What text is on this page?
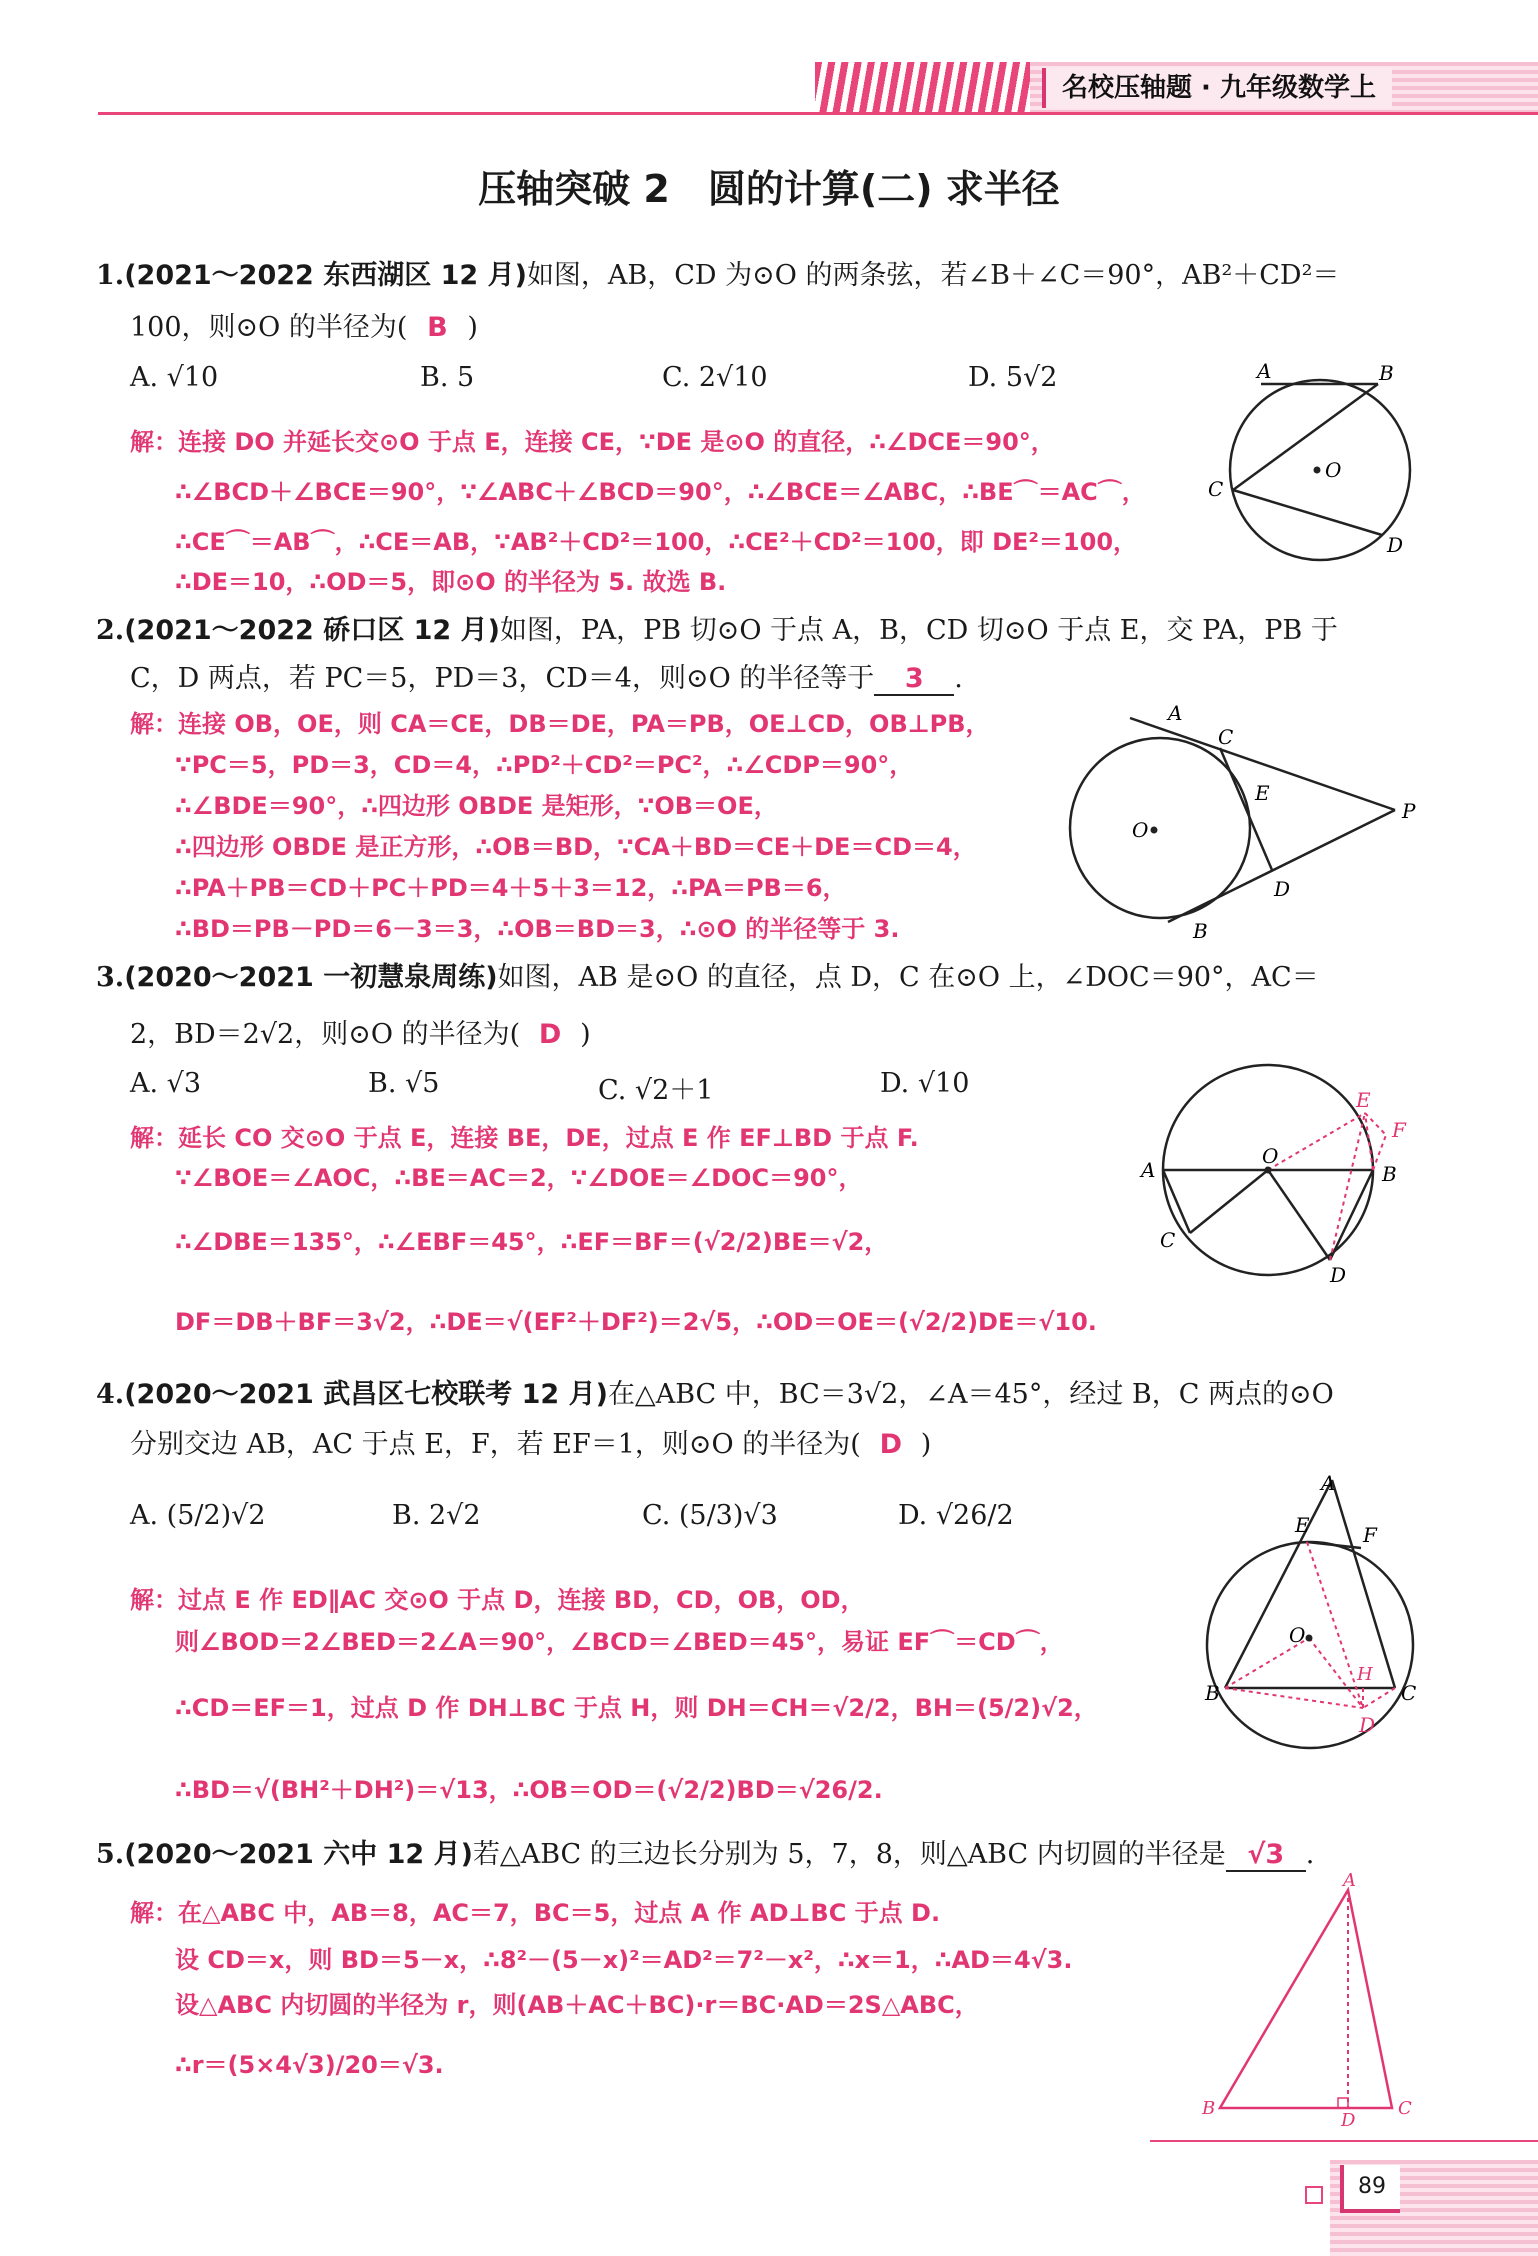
名校压轴题 · 九年级数学上
压轴突破 2　圆的计算(二) 求半径
1.(2021～2022 东西湖区 12 月)如图，AB，CD 为⊙O 的两条弦，若∠B＋∠C＝90°，AB²＋CD²＝
100，则⊙O 的半径为( B )
A. √10	B. 5	C. 2√10	D. 5√2
解：连接 DO 并延长交⊙O 于点 E，连接 CE，∵DE 是⊙O 的直径，∴∠DCE＝90°，
∴∠BCD＋∠BCE＝90°，∵∠ABC＋∠BCD＝90°，∴∠BCE＝∠ABC，∴BE⌒＝AC⌒，
∴CE⌒＝AB⌒，∴CE＝AB，∵AB²＋CD²＝100，∴CE²＋CD²＝100，即 DE²＝100，
∴DE＝10，∴OD＝5，即⊙O 的半径为 5. 故选 B.
A	B
C
O
D
2.(2021～2022 硚口区 12 月)如图，PA，PB 切⊙O 于点 A，B，CD 切⊙O 于点 E，交 PA，PB 于
C，D 两点，若 PC＝5，PD＝3，CD＝4，则⊙O 的半径等于 3 .
解：连接 OB，OE，则 CA＝CE，DB＝DE，PA＝PB，OE⊥CD，OB⊥PB，
∵PC＝5，PD＝3，CD＝4，∴PD²＋CD²＝PC²，∴∠CDP＝90°，
∴∠BDE＝90°，∴四边形 OBDE 是矩形，∵OB＝OE，
∴四边形 OBDE 是正方形，∴OB＝BD，∵CA＋BD＝CE＋DE＝CD＝4，
∴PA＋PB＝CD＋PC＋PD＝4＋5＋3＝12，∴PA＝PB＝6，
∴BD＝PB－PD＝6－3＝3，∴OB＝BD＝3，∴⊙O 的半径等于 3.
A
C
E
O
P
D
B
3.(2020～2021 一初慧泉周练)如图，AB 是⊙O 的直径，点 D，C 在⊙O 上，∠DOC＝90°，AC＝
2，BD＝2√2，则⊙O 的半径为( D )
A. √3	B. √5	C. √2＋1	D. √10
解：延长 CO 交⊙O 于点 E，连接 BE，DE，过点 E 作 EF⊥BD 于点 F.
∵∠BOE＝∠AOC，∴BE＝AC＝2，∵∠DOE＝∠DOC＝90°，
∴∠DBE＝135°，∴∠EBF＝45°，∴EF＝BF＝(√2/2)BE＝√2，
DF＝DB＋BF＝3√2，∴DE＝√(EF²＋DF²)＝2√5，∴OD＝OE＝(√2/2)DE＝√10.
E
F
O
A	B
C
D
4.(2020～2021 武昌区七校联考 12 月)在△ABC 中，BC＝3√2，∠A＝45°，经过 B，C 两点的⊙O
分别交边 AB，AC 于点 E，F，若 EF＝1，则⊙O 的半径为( D )
A. (5/2)√2	B. 2√2	C. (5/3)√3	D. √26/2
解：过点 E 作 ED∥AC 交⊙O 于点 D，连接 BD，CD，OB，OD，
则∠BOD＝2∠BED＝2∠A＝90°，∠BCD＝∠BED＝45°，易证 EF⌒＝CD⌒，
∴CD＝EF＝1，过点 D 作 DH⊥BC 于点 H，则 DH＝CH＝√2/2，BH＝(5/2)√2，
∴BD＝√(BH²＋DH²)＝√13，∴OB＝OD＝(√2/2)BD＝√26/2.
A
E	F
O
H
B	C
D
5.(2020～2021 六中 12 月)若△ABC 的三边长分别为 5，7，8，则△ABC 内切圆的半径是 √3 .
解：在△ABC 中，AB＝8，AC＝7，BC＝5，过点 A 作 AD⊥BC 于点 D.
设 CD＝x，则 BD＝5－x，∴8²－(5－x)²＝AD²＝7²－x²，∴x＝1，∴AD＝4√3.
设△ABC 内切圆的半径为 r，则(AB＋AC＋BC)·r＝BC·AD＝2S△ABC，
∴r＝(5×4√3)/20＝√3.
A
B
D
C
89
